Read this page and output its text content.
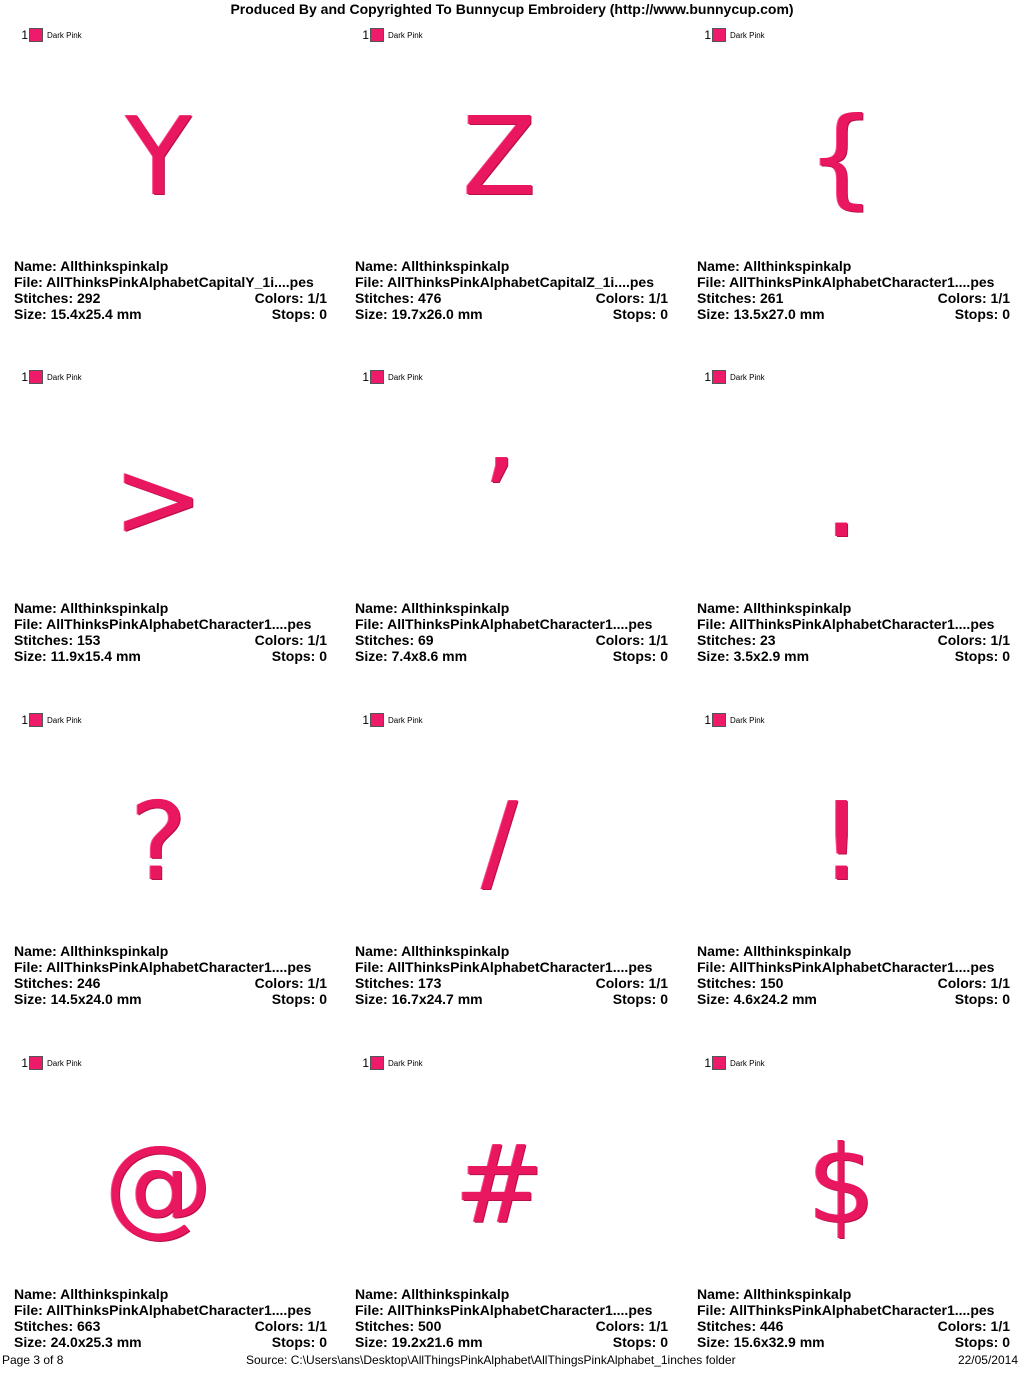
Produced By and Copyrighted To Bunnycup Embroidery (http://www.bunnycup.com)
1 Dark Pink
Y
Name: Allthinkspinkalp
File: AllThinksPinkAlphabetCapitalY_1i....pes
Stitches: 292	Colors: 1/1
Size: 15.4x25.4 mm	Stops: 0
1 Dark Pink
Z
Name: Allthinkspinkalp
File: AllThinksPinkAlphabetCapitalZ_1i....pes
Stitches: 476	Colors: 1/1
Size: 19.7x26.0 mm	Stops: 0
1 Dark Pink
{
Name: Allthinkspinkalp
File: AllThinksPinkAlphabetCharacter1....pes
Stitches: 261	Colors: 1/1
Size: 13.5x27.0 mm	Stops: 0
1 Dark Pink
>
Name: Allthinkspinkalp
File: AllThinksPinkAlphabetCharacter1....pes
Stitches: 153	Colors: 1/1
Size: 11.9x15.4 mm	Stops: 0
1 Dark Pink
’
Name: Allthinkspinkalp
File: AllThinksPinkAlphabetCharacter1....pes
Stitches: 69	Colors: 1/1
Size: 7.4x8.6 mm	Stops: 0
1 Dark Pink
.
Name: Allthinkspinkalp
File: AllThinksPinkAlphabetCharacter1....pes
Stitches: 23	Colors: 1/1
Size: 3.5x2.9 mm	Stops: 0
1 Dark Pink
?
Name: Allthinkspinkalp
File: AllThinksPinkAlphabetCharacter1....pes
Stitches: 246	Colors: 1/1
Size: 14.5x24.0 mm	Stops: 0
1 Dark Pink
/
Name: Allthinkspinkalp
File: AllThinksPinkAlphabetCharacter1....pes
Stitches: 173	Colors: 1/1
Size: 16.7x24.7 mm	Stops: 0
1 Dark Pink
!
Name: Allthinkspinkalp
File: AllThinksPinkAlphabetCharacter1....pes
Stitches: 150	Colors: 1/1
Size: 4.6x24.2 mm	Stops: 0
1 Dark Pink
@
Name: Allthinkspinkalp
File: AllThinksPinkAlphabetCharacter1....pes
Stitches: 663	Colors: 1/1
Size: 24.0x25.3 mm	Stops: 0
1 Dark Pink
#
Name: Allthinkspinkalp
File: AllThinksPinkAlphabetCharacter1....pes
Stitches: 500	Colors: 1/1
Size: 19.2x21.6 mm	Stops: 0
1 Dark Pink
$
Name: Allthinkspinkalp
File: AllThinksPinkAlphabetCharacter1....pes
Stitches: 446	Colors: 1/1
Size: 15.6x32.9 mm	Stops: 0
Page 3 of 8	Source: C:\Users\ans\Desktop\AllThingsPinkAlphabet\AllThingsPinkAlphabet_1inches folder	22/05/2014
